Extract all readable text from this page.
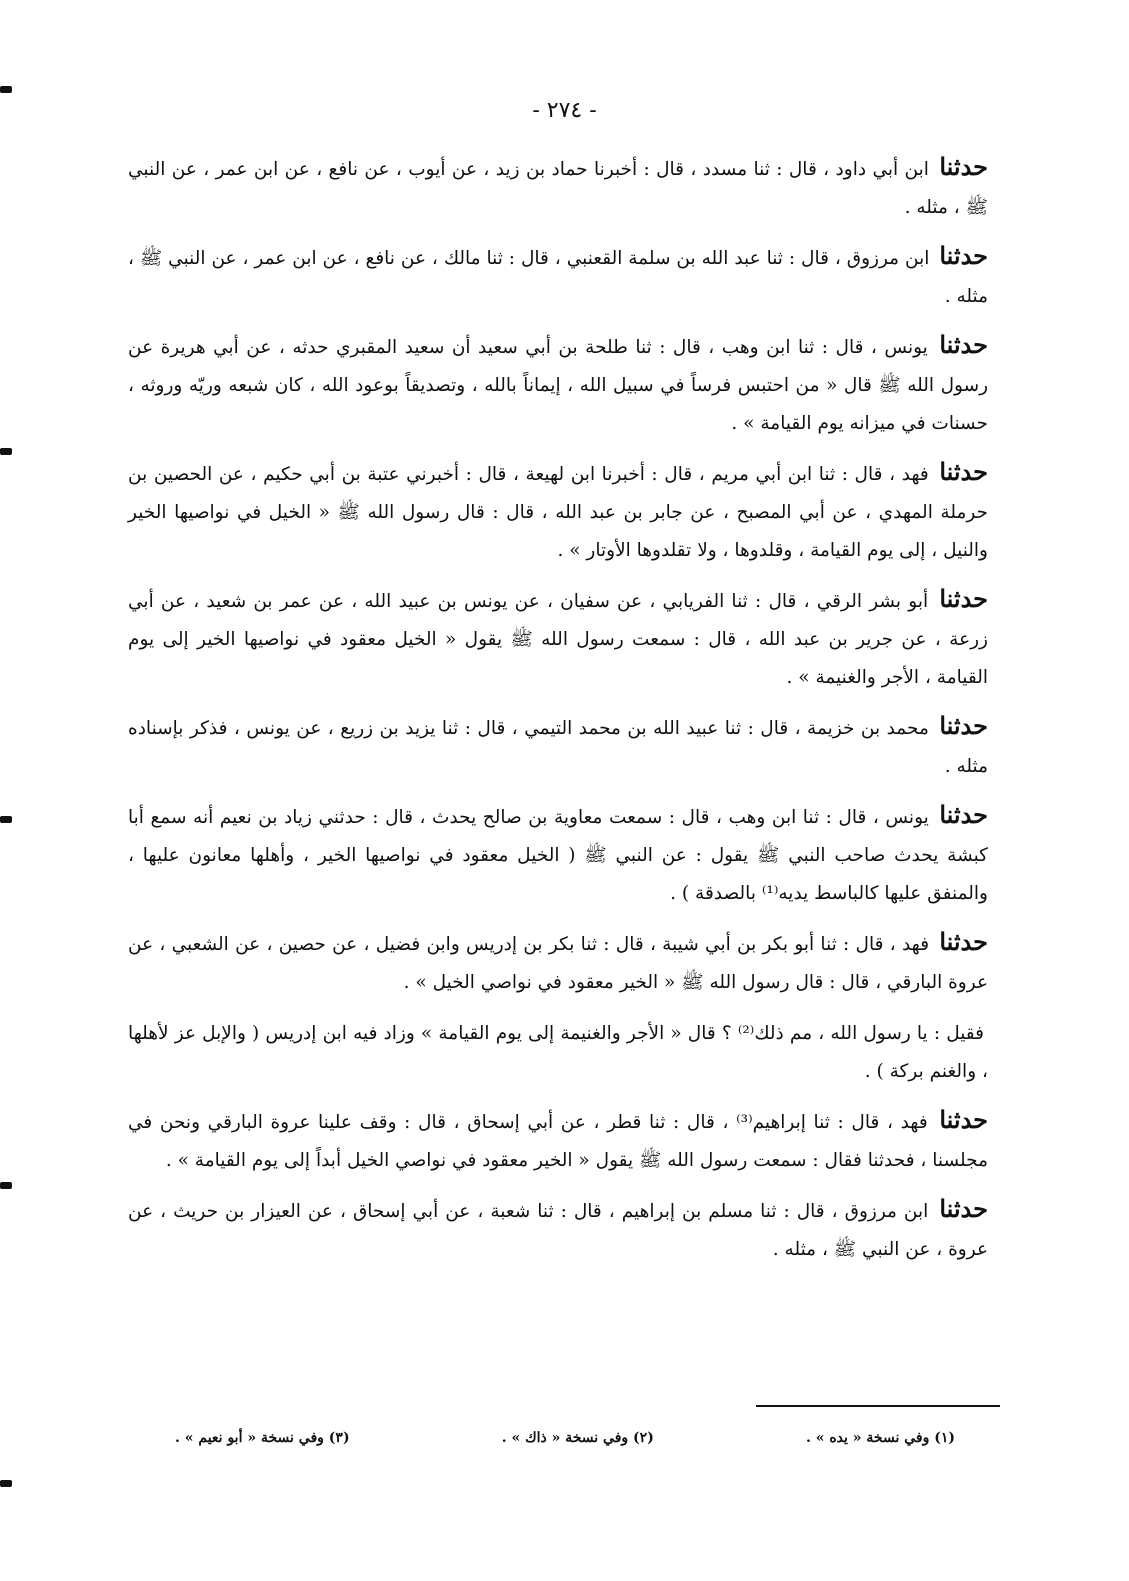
- ٢٧٤ -

حدثنا ابن أبي داود ، قال : ثنا مسدد ، قال : أخبرنا حماد بن زيد ، عن أيوب ، عن نافع ، عن ابن عمر ، عن النبي ﷺ ، مثله .

حدثنا ابن مرزوق ، قال : ثنا عبد الله بن سلمة القعنبي ، قال : ثنا مالك ، عن نافع ، عن ابن عمر ، عن النبي ﷺ ، مثله .

حدثنا يونس ، قال : ثنا ابن وهب ، قال : ثنا طلحة بن أبي سعيد أن سعيد المقبري حدثه ، عن أبي هريرة عن رسول الله ﷺ قال « من احتبس فرساً في سبيل الله ، إيماناً بالله ، وتصديقاً بوعود الله ، كان شبعه وريّه وروثه ، حسنات في ميزانه يوم القيامة » .

حدثنا فهد ، قال : ثنا ابن أبي مريم ، قال : أخبرنا ابن لهيعة ، قال : أخبرني عتبة بن أبي حكيم ، عن الحصين بن حرملة المهدي ، عن أبي المصبح ، عن جابر بن عبد الله ، قال : قال رسول الله ﷺ « الخيل في نواصيها الخير والنيل ، إلى يوم القيامة ، وقلدوها ، ولا تقلدوها الأوتار » .

حدثنا أبو بشر الرقي ، قال : ثنا الفريابي ، عن سفيان ، عن يونس بن عبيد الله ، عن عمر بن شعيد ، عن أبي زرعة ، عن جرير بن عبد الله ، قال : سمعت رسول الله ﷺ يقول « الخيل معقود في نواصيها الخير إلى يوم القيامة ، الأجر والغنيمة » .

حدثنا محمد بن خزيمة ، قال : ثنا عبيد الله بن محمد التيمي ، قال : ثنا يزيد بن زريع ، عن يونس ، فذكر بإسناده مثله .

حدثنا يونس ، قال : ثنا ابن وهب ، قال : سمعت معاوية بن صالح يحدث ، قال : حدثني زياد بن نعيم أنه سمع أبا كبشة يحدث صاحب النبي ﷺ يقول : عن النبي ﷺ ( الخيل معقود في نواصيها الخير ، وأهلها معانون عليها ، والمنفق عليها كالباسط يديه⁽¹⁾ بالصدقة ) .

حدثنا فهد ، قال : ثنا أبو بكر بن أبي شيبة ، قال : ثنا بكر بن إدريس وابن فضيل ، عن حصين ، عن الشعبي ، عن عروة البارقي ، قال : قال رسول الله ﷺ « الخير معقود في نواصي الخيل » .

فقيل : يا رسول الله ، مم ذلك⁽²⁾ ؟ قال « الأجر والغنيمة إلى يوم القيامة » وزاد فيه ابن إدريس ( والإبل عز لأهلها ، والغنم بركة ) .

حدثنا فهد ، قال : ثنا إبراهيم⁽³⁾ ، قال : ثنا قطر ، عن أبي إسحاق ، قال : وقف علينا عروة البارقي ونحن في مجلسنا ، فحدثنا فقال : سمعت رسول الله ﷺ يقول « الخير معقود في نواصي الخيل أبداً إلى يوم القيامة » .

حدثنا ابن مرزوق ، قال : ثنا مسلم بن إبراهيم ، قال : ثنا شعبة ، عن أبي إسحاق ، عن العيزار بن حريث ، عن عروة ، عن النبي ﷺ ، مثله .

(١) وفي نسخة « يده » .
(٢) وفي نسخة « ذاك » .
(٣) وفي نسخة « أبو نعيم » .
